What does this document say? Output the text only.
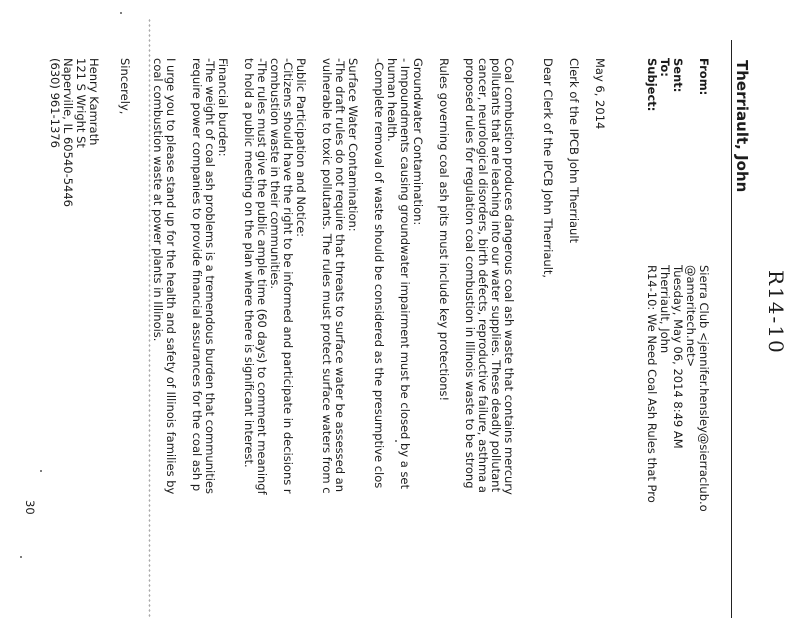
R14-10
Therriault, John
From:
Sent:
To:
Subject:
Sierra Club <jennifer.hensley@sierraclub.o
@ameritech.net>
Tuesday, May 06, 2014 8:49 AM
Therriault, John
R14-10: We Need Coal Ash Rules that Pro
May 6, 2014
Clerk of the IPCB John Therriault
Dear Clerk of the IPCB John Therriault,
Coal combustion produces dangerous coal ash waste that contains mercury
pollutants that are leaching into our water supplies. These deadly pollutant
cancer, neurological disorders, birth defects, reproductive failure, asthma a
proposed rules for regulation coal combustion in Illinois waste to be strong
Rules governing coal ash pits must include key protections!
Groundwater Contamination:
- Impoundments causing groundwater impairment must be closed by a set
human health.
-Complete removal of waste should be considered as the presumptive clos
Surface Water Contamination:
-The draft rules do not require that threats to surface water be assessed an
vulnerable to toxic pollutants. The rules must protect surface waters from c
Public Participation and Notice:
-Citizens should have the right to be informed and participate in decisions r
combustion waste in their communities.
-The rules must give the public ample time (60 days) to comment meaningf
to hold a public meeting on the plan where there is significant interest.
Financial burden:
-The weight of coal ash problems is a tremendous burden that communities
require power companies to provide financial assurances for the coal ash p
I urge you to please stand up for the health and safety of Illinois families by
coal combustion waste at power plants in Illinois.
Sincerely,
Henry Kamrath
121 S Wright St
Naperville, IL 60540-5446
(630) 961-1376
30
